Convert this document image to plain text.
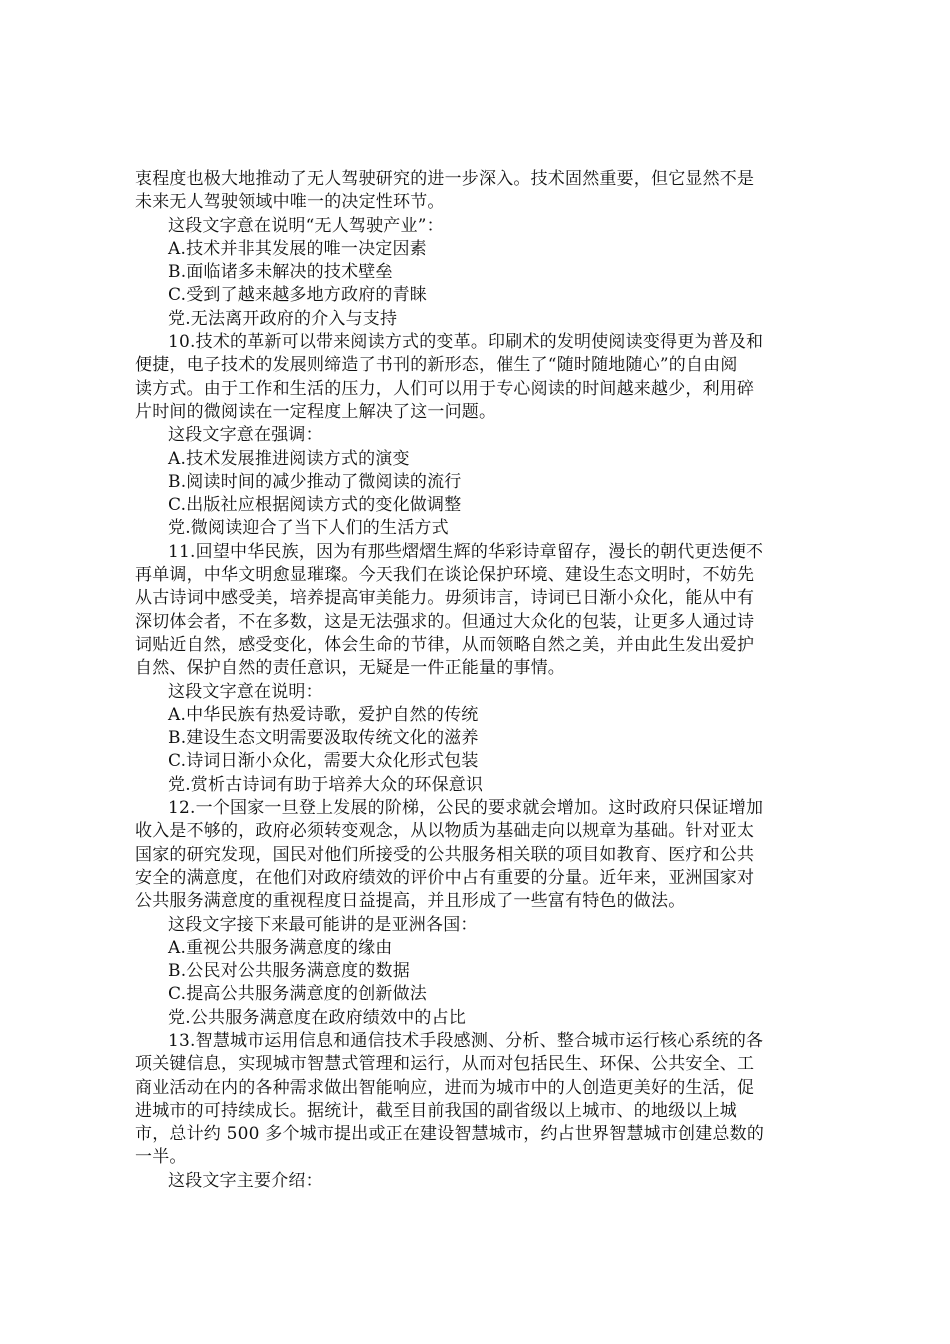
衷程度也极大地推动了无人驾驶研究的进一步深入。技术固然重要，但它显然不是
未来无人驾驶领域中唯一的决定性环节。
这段文字意在说明“无人驾驶产业”：
A.技术并非其发展的唯一决定因素
B.面临诸多未解决的技术壁垒
C.受到了越来越多地方政府的青睐
党.无法离开政府的介入与支持
10.技术的革新可以带来阅读方式的变革。印刷术的发明使阅读变得更为普及和
便捷，电子技术的发展则缔造了书刊的新形态，催生了“随时随地随心”的自由阅
读方式。由于工作和生活的压力，人们可以用于专心阅读的时间越来越少，利用碎
片时间的微阅读在一定程度上解决了这一问题。
这段文字意在强调：
A.技术发展推进阅读方式的演变
B.阅读时间的减少推动了微阅读的流行
C.出版社应根据阅读方式的变化做调整
党.微阅读迎合了当下人们的生活方式
11.回望中华民族，因为有那些熠熠生辉的华彩诗章留存，漫长的朝代更迭便不
再单调，中华文明愈显璀璨。今天我们在谈论保护环境、建设生态文明时，不妨先
从古诗词中感受美，培养提高审美能力。毋须讳言，诗词已日渐小众化，能从中有
深切体会者，不在多数，这是无法强求的。但通过大众化的包装，让更多人通过诗
词贴近自然，感受变化，体会生命的节律，从而领略自然之美，并由此生发出爱护
自然、保护自然的责任意识，无疑是一件正能量的事情。
这段文字意在说明：
A.中华民族有热爱诗歌，爱护自然的传统
B.建设生态文明需要汲取传统文化的滋养
C.诗词日渐小众化，需要大众化形式包装
党.赏析古诗词有助于培养大众的环保意识
12.一个国家一旦登上发展的阶梯，公民的要求就会增加。这时政府只保证增加
收入是不够的，政府必须转变观念，从以物质为基础走向以规章为基础。针对亚太
国家的研究发现，国民对他们所接受的公共服务相关联的项目如教育、医疗和公共
安全的满意度，在他们对政府绩效的评价中占有重要的分量。近年来，亚洲国家对
公共服务满意度的重视程度日益提高，并且形成了一些富有特色的做法。
这段文字接下来最可能讲的是亚洲各国：
A.重视公共服务满意度的缘由
B.公民对公共服务满意度的数据
C.提高公共服务满意度的创新做法
党.公共服务满意度在政府绩效中的占比
13.智慧城市运用信息和通信技术手段感测、分析、整合城市运行核心系统的各
项关键信息，实现城市智慧式管理和运行，从而对包括民生、环保、公共安全、工
商业活动在内的各种需求做出智能响应，进而为城市中的人创造更美好的生活，促
进城市的可持续成长。据统计，截至目前我国的副省级以上城市、的地级以上城
市，总计约 500 多个城市提出或正在建设智慧城市，约占世界智慧城市创建总数的
一半。
这段文字主要介绍：
